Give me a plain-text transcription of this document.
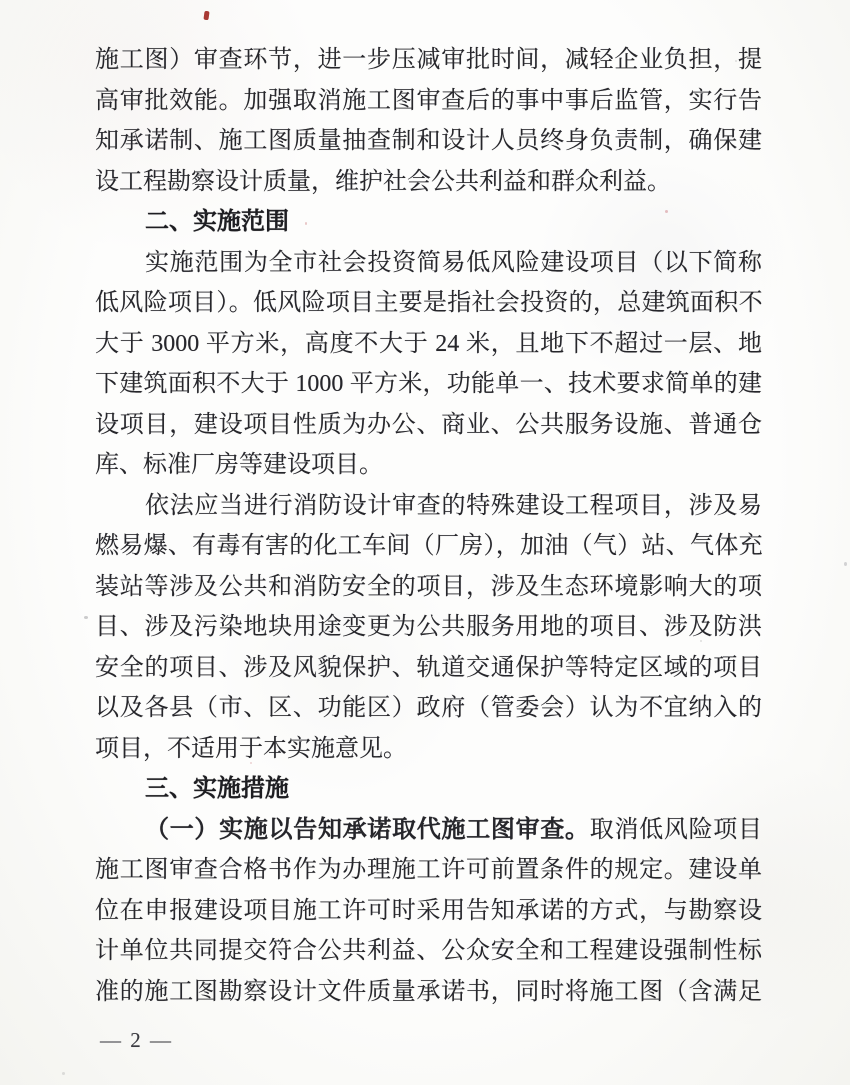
施工图）审查环节，进一步压减审批时间，减轻企业负担，提
高审批效能。加强取消施工图审查后的事中事后监管，实行告
知承诺制、施工图质量抽查制和设计人员终身负责制，确保建
设工程勘察设计质量，维护社会公共利益和群众利益。
二、实施范围
实施范围为全市社会投资简易低风险建设项目（以下简称
低风险项目）。低风险项目主要是指社会投资的，总建筑面积不
大于 3000 平方米，高度不大于 24 米，且地下不超过一层、地
下建筑面积不大于 1000 平方米，功能单一、技术要求简单的建
设项目，建设项目性质为办公、商业、公共服务设施、普通仓
库、标准厂房等建设项目。
依法应当进行消防设计审查的特殊建设工程项目，涉及易
燃易爆、有毒有害的化工车间（厂房），加油（气）站、气体充
装站等涉及公共和消防安全的项目，涉及生态环境影响大的项
目、涉及污染地块用途变更为公共服务用地的项目、涉及防洪
安全的项目、涉及风貌保护、轨道交通保护等特定区域的项目
以及各县（市、区、功能区）政府（管委会）认为不宜纳入的
项目，不适用于本实施意见。
三、实施措施
（一）实施以告知承诺取代施工图审查。取消低风险项目
施工图审查合格书作为办理施工许可前置条件的规定。建设单
位在申报建设项目施工许可时采用告知承诺的方式，与勘察设
计单位共同提交符合公共利益、公众安全和工程建设强制性标
准的施工图勘察设计文件质量承诺书，同时将施工图（含满足
— 2 —
